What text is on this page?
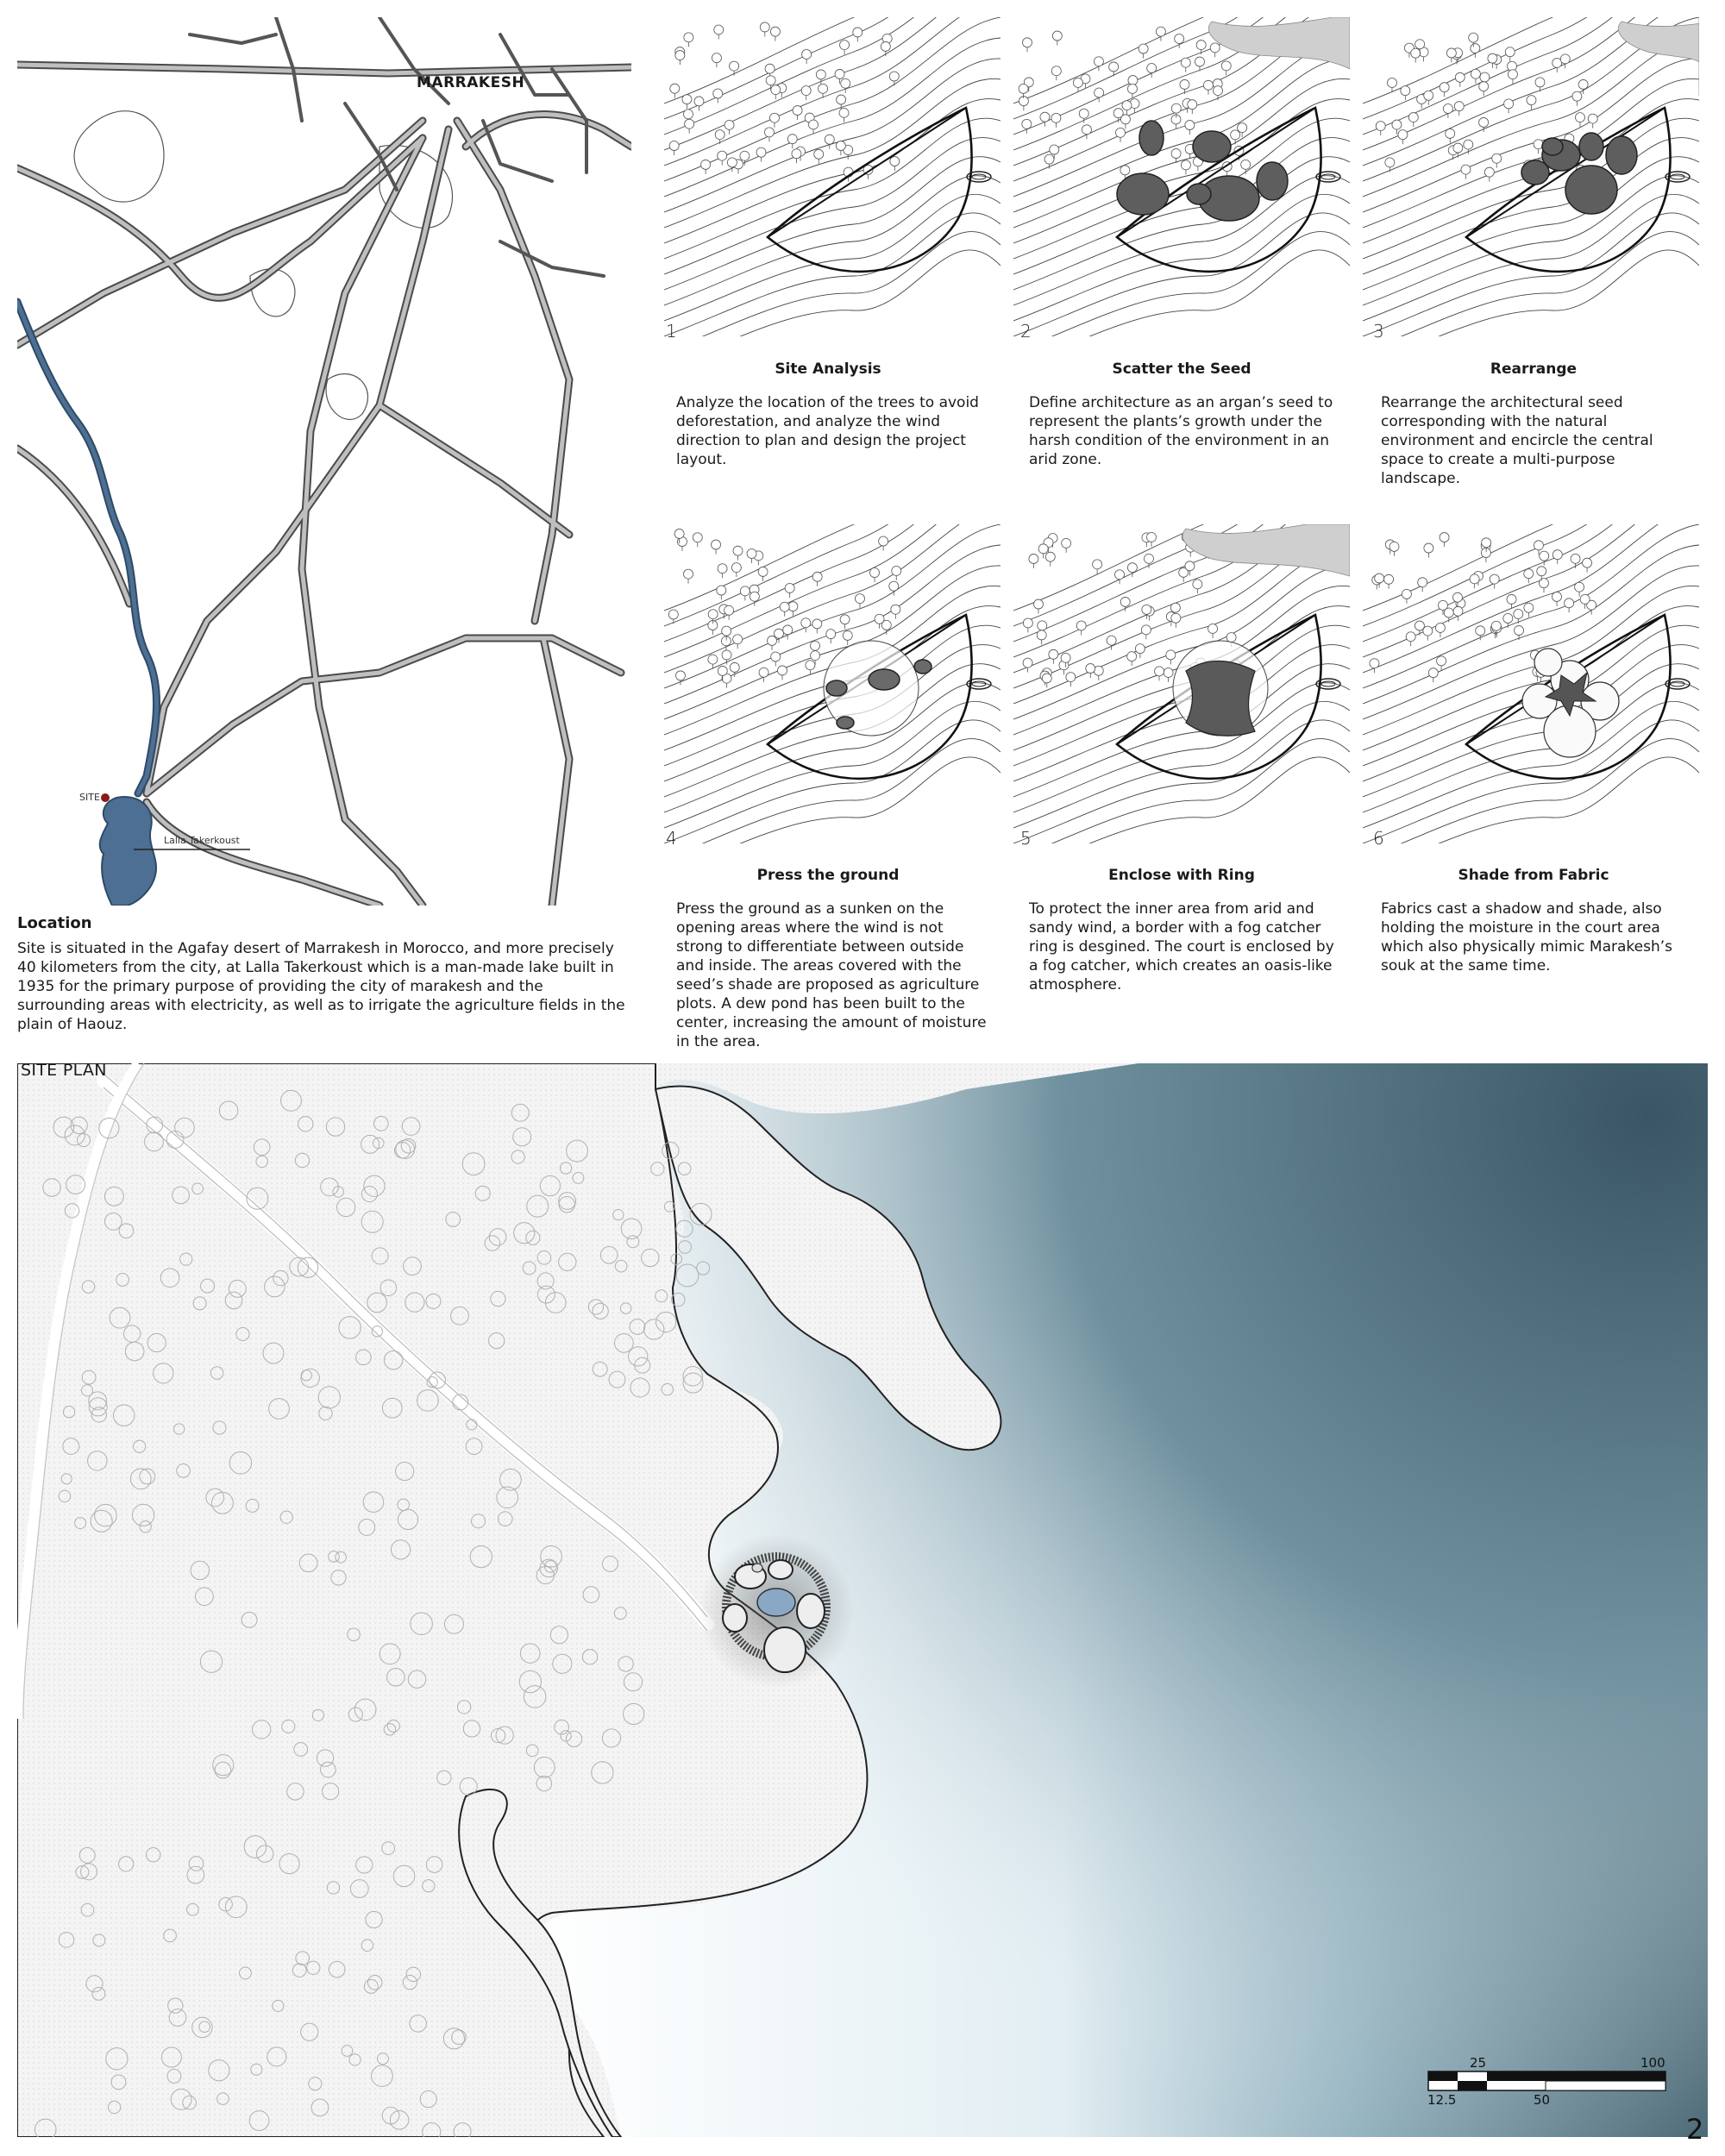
MARRAKESH
SITE
Lalla Takerkoust
Location
Site is situated in the Agafay desert of Marrakesh in Morocco, and more precisely 40 kilometers from the city, at Lalla Takerkoust which is a man-made lake built in 1935 for the primary purpose of providing the city of marakesh and the surrounding areas with electricity, as well as to irrigate the agriculture fields in the plain of Haouz.
1	2	3
Site Analysis	Scatter the Seed	Rearrange
Analyze the location of the trees to avoid deforestation, and analyze the wind direction to plan and design the project layout.
Define architecture as an argan’s seed to represent the plants’s growth under the harsh condition of the environment in an arid zone.
Rearrange the architectural seed corresponding with the natural environment and encircle the central space to create a multi-purpose landscape.
4	5	6
Press the ground	Enclose with Ring	Shade from Fabric
Press the ground as a sunken on the opening areas where the wind is not strong to differentiate between outside and inside. The areas covered with the seed’s shade are proposed as agriculture plots. A dew pond has been built to the center, increasing the amount of moisture in the area.
To protect the inner area from arid and sandy wind, a border with a fog catcher ring is desgined. The court is enclosed by a fog catcher, which creates an oasis-like atmosphere.
Fabrics cast a shadow and shade, also holding the moisture in the court area which also physically mimic Marakesh’s souk at the same time.
25	100
12.5	50
SITE PLAN
2
